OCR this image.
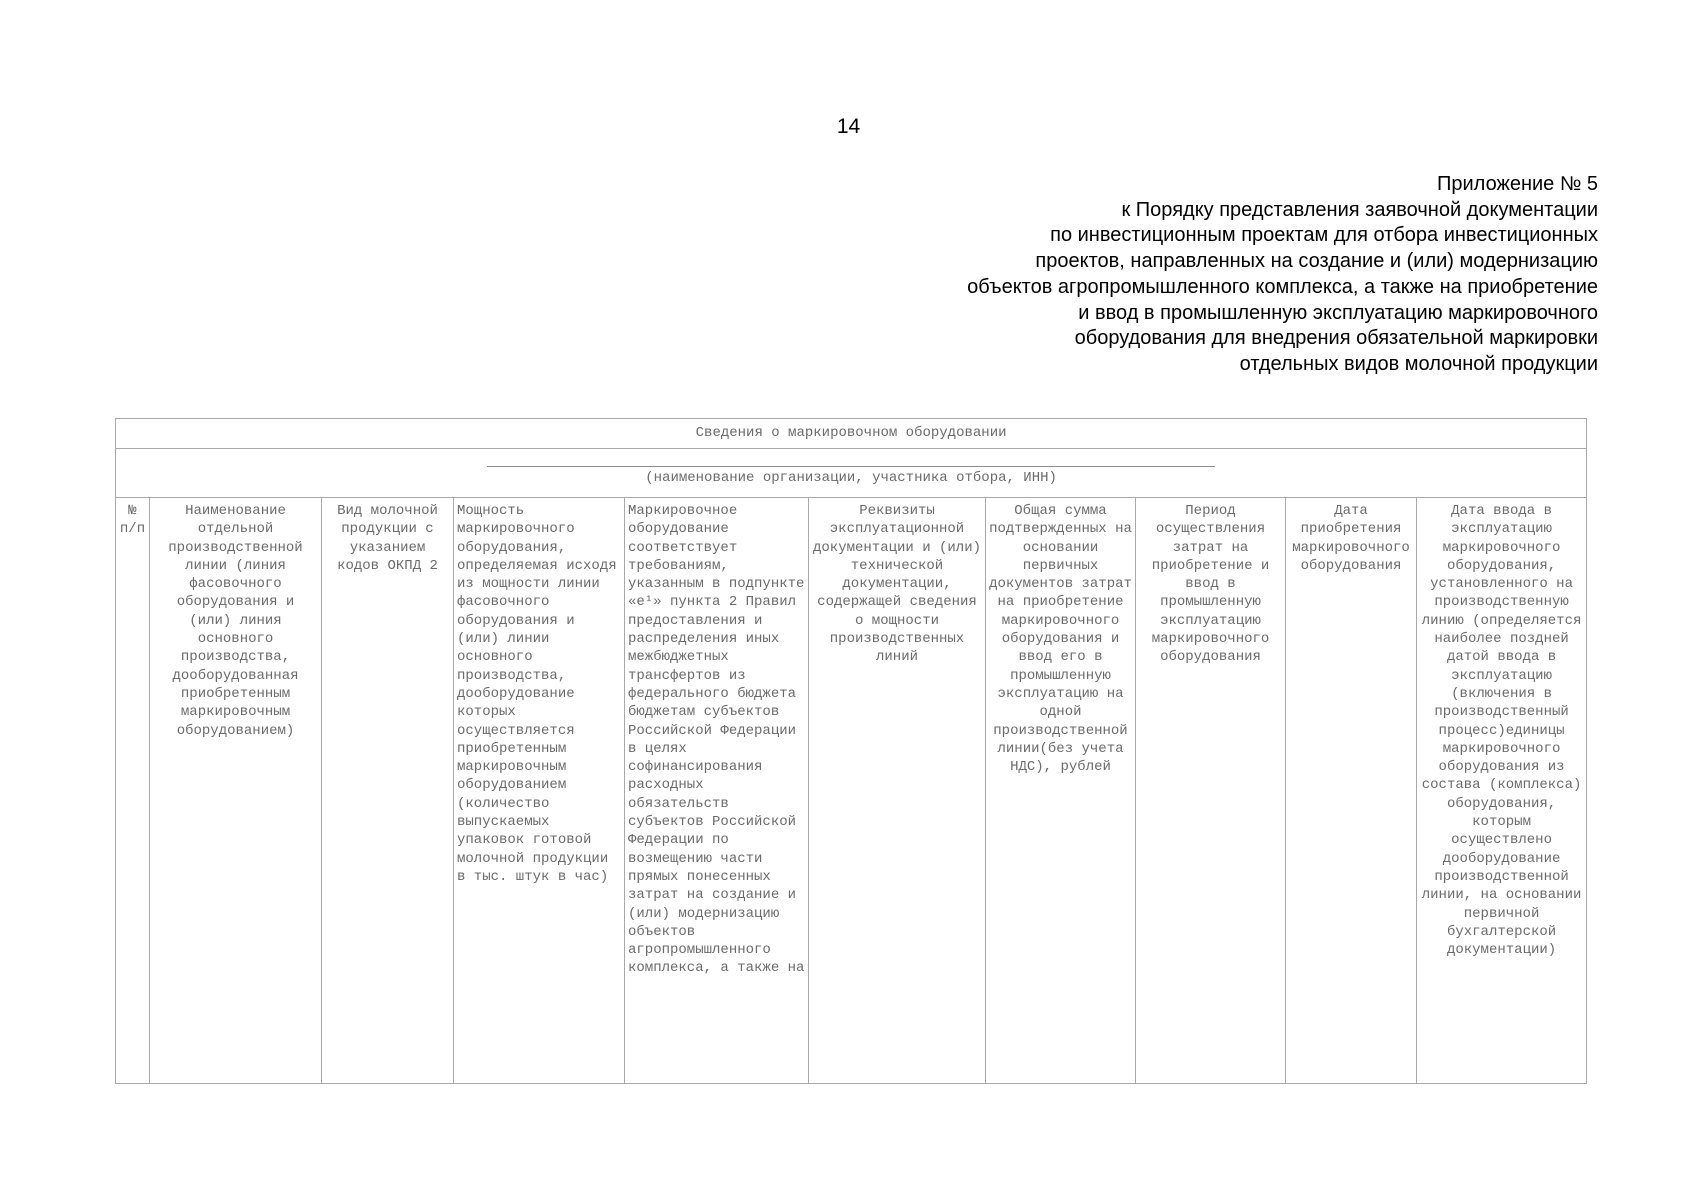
14
Приложение № 5
к Порядку представления заявочной документации
по инвестиционным проектам для отбора инвестиционных
проектов, направленных на создание и (или) модернизацию
объектов агропромышленного комплекса, а также на приобретение
и ввод в промышленную эксплуатацию маркировочного
оборудования для внедрения обязательной маркировки
отдельных видов молочной продукции
Сведения о маркировочном оборудовании

(наименование организации, участника отбора, ИНН)

№ п/п	Наименование отдельной производственной линии (линия фасовочного оборудования и (или) линия основного производства, дооборудованная приобретенным маркировочным оборудованием)	Вид молочной продукции с указанием кодов ОКПД 2	Мощность маркировочного оборудования, определяемая исходя из мощности линии фасовочного оборудования и (или) линии основного производства, дооборудование которых осуществляется приобретенным маркировочным оборудованием (количество выпускаемых упаковок готовой молочной продукции в тыс. штук в час)	Маркировочное оборудование соответствует требованиям, указанным в подпункте «е¹» пункта 2 Правил предоставления и распределения иных межбюджетных трансфертов из федерального бюджета бюджетам субъектов Российской Федерации в целях софинансирования расходных обязательств субъектов Российской Федерации по возмещению части прямых понесенных затрат на создание и (или) модернизацию объектов агропромышленного комплекса, а также на	Реквизиты эксплуатационной документации и (или) технической документации, содержащей сведения о мощности производственных линий	Общая сумма подтвержденных на основании первичных документов затрат на приобретение маркировочного оборудования и ввод его в промышленную эксплуатацию на одной производственной линии(без учета НДС), рублей	Период осуществления затрат на приобретение и ввод в промышленную эксплуатацию маркировочного оборудования	Дата приобретения маркировочного оборудования	Дата ввода в эксплуатацию маркировочного оборудования, установленного на производственную линию (определяется наиболее поздней датой ввода в эксплуатацию (включения в производственный процесс)единицы маркировочного оборудования из состава (комплекса) оборудования, которым осуществлено дооборудование производственной линии, на основании первичной бухгалтерской документации)
